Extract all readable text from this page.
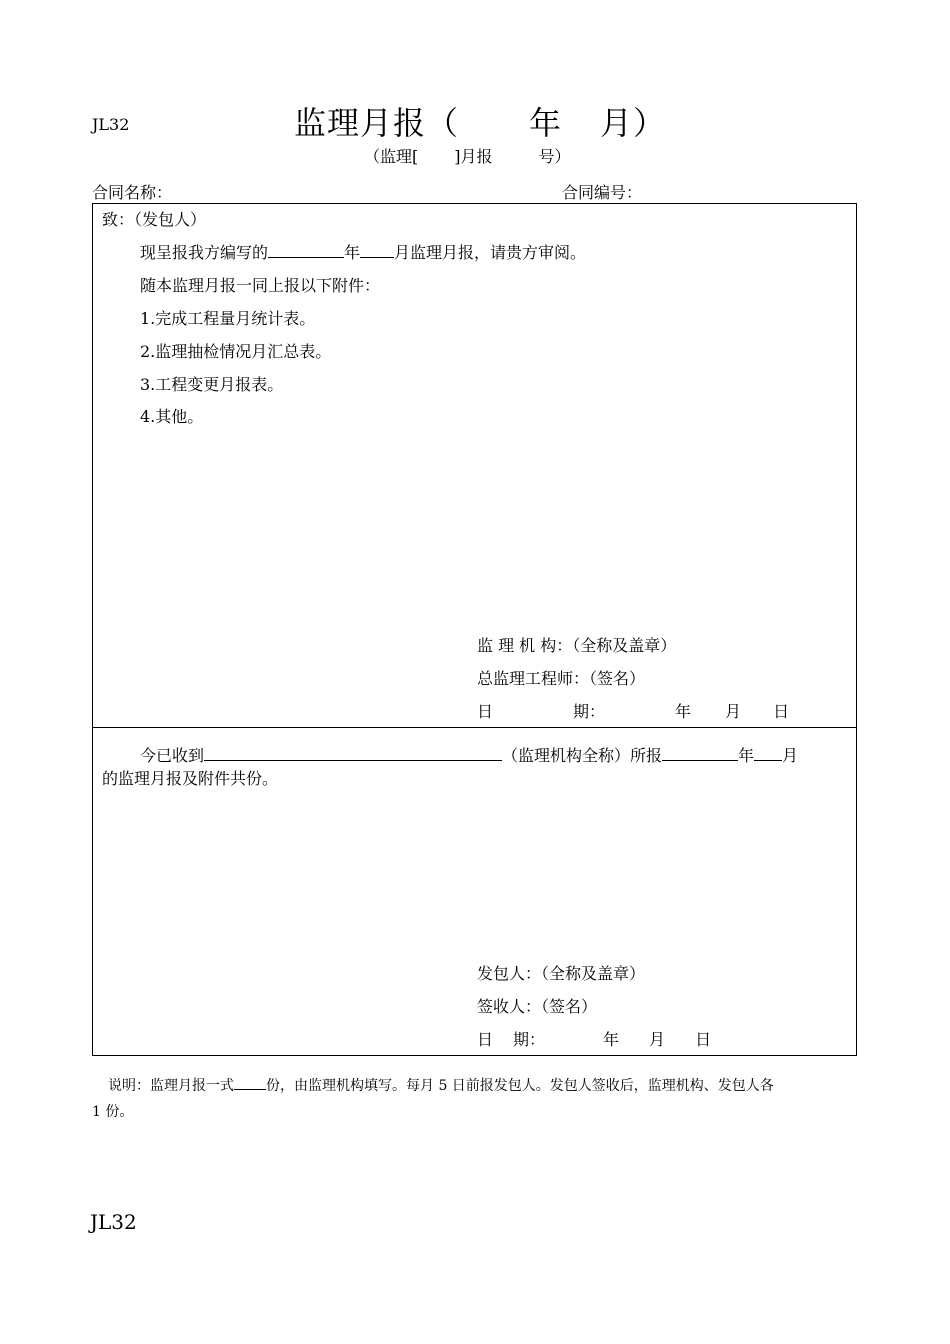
JL32	监理月报（ 年 月）
（监理[ ]月报	号）
合同名称：	合同编号：
致：（发包人）
现呈报我方编写的	年 月监理月报，请贵方审阅。
随本监理月报一同上报以下附件：
1.完成工程量月统计表。
2.监理抽检情况月汇总表。
3.工程变更月报表。
4.其他。
监 理 机 构：（全称及盖章）
总监理工程师：（签名）
日	期：	年 月 日
今已收到	（监理机构全称）所报	年 月
的监理月报及附件共份。
发包人：（全称及盖章）
签收人：（签名）
日 期：	年 月 日
说明：监理月报一式 份，由监理机构填写。每月 5 日前报发包人。发包人签收后，监理机构、发包人各
1 份。
JL32
